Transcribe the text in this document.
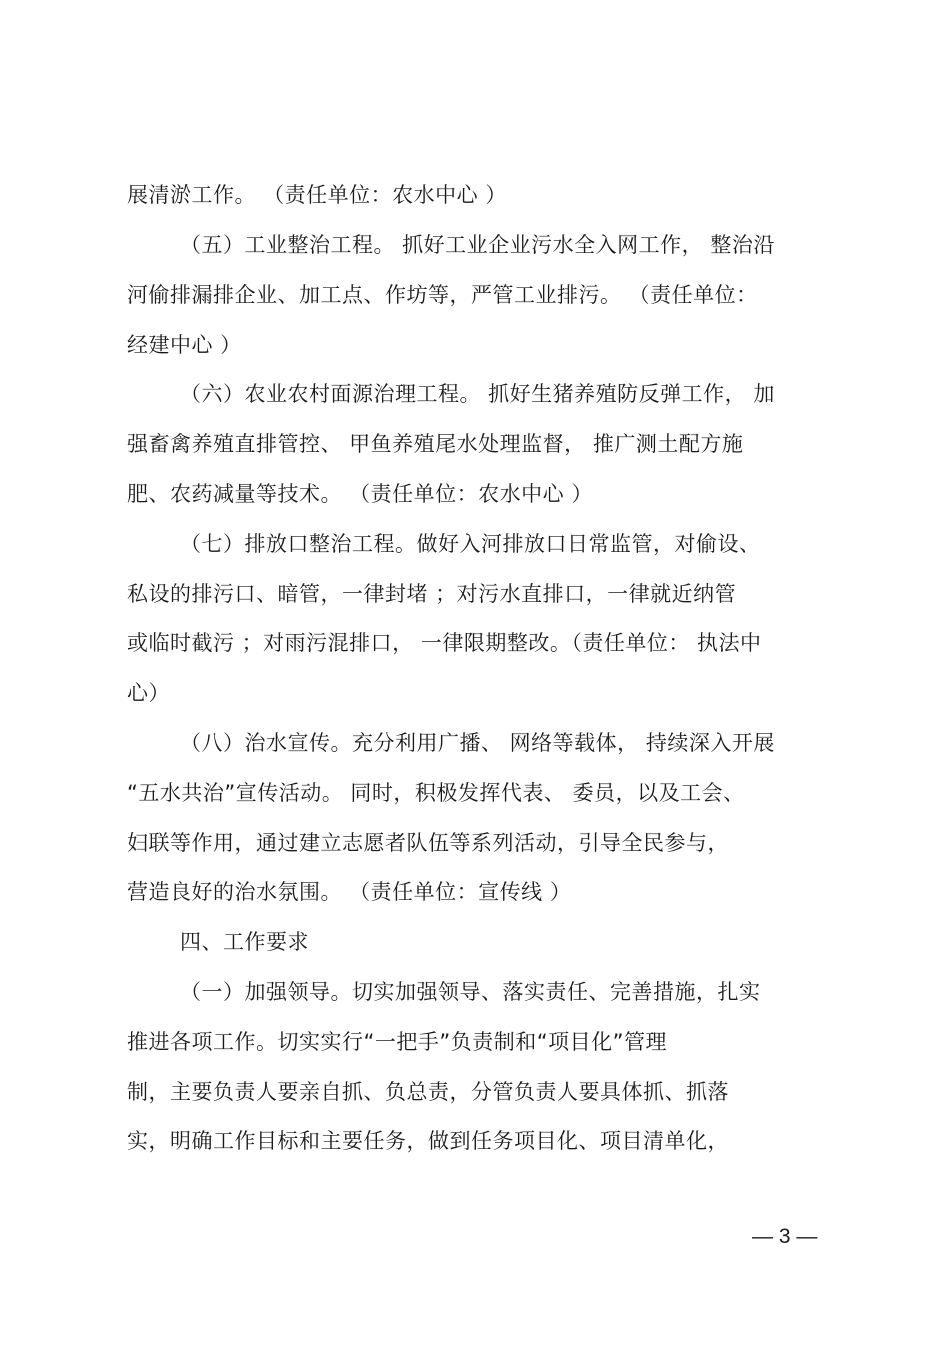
展清淤工作。 （责任单位：农水中心 ）
（五）工业整治工程。 抓好工业企业污水全入网工作， 整治沿
河偷排漏排企业、加工点、作坊等，严管工业排污。 （责任单位：
经建中心 ）
（六）农业农村面源治理工程。 抓好生猪养殖防反弹工作， 加
强畜禽养殖直排管控、 甲鱼养殖尾水处理监督， 推广测土配方施
肥、农药减量等技术。 （责任单位：农水中心 ）
（七）排放口整治工程。做好入河排放口日常监管，对偷设、
私设的排污口、暗管，一律封堵 ；对污水直排口，一律就近纳管
或临时截污 ；对雨污混排口， 一律限期整改。（责任单位： 执法中
心）
（八）治水宣传。充分利用广播、 网络等载体， 持续深入开展
“五水共治”宣传活动。 同时，积极发挥代表、 委员，以及工会、
妇联等作用，通过建立志愿者队伍等系列活动，引导全民参与，
营造良好的治水氛围。 （责任单位：宣传线 ）
四、工作要求
（一）加强领导。切实加强领导、落实责任、完善措施，扎实
推进各项工作。切实实行“一把手”负责制和“项目化”管理
制，主要负责人要亲自抓、负总责，分管负责人要具体抓、抓落
实，明确工作目标和主要任务，做到任务项目化、项目清单化，
— 3 —
